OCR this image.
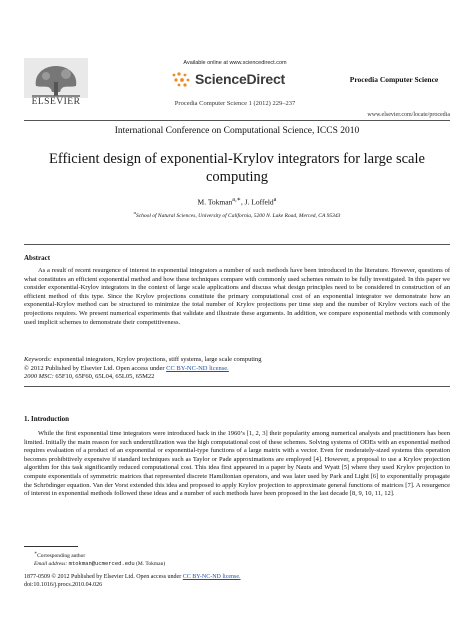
ELSEVIER
Available online at www.sciencedirect.com
ScienceDirect
Procedia Computer Science 1 (2012) 229–237
Procedia Computer Science
www.elsevier.com/locate/procedia
International Conference on Computational Science, ICCS 2010
Efficient design of exponential-Krylov integrators for large scale computing
M. Tokman$^{a,∗}$, J. Loffeld$^a$
$^a$School of Natural Sciences, University of California, 5200 N. Lake Road, Merced, CA 95343
Abstract

As a result of recent resurgence of interest in exponential integrators a number of such methods have been introduced in the literature. However, questions of what constitutes an efficient exponential method and how these techniques compare with commonly used schemes remain to be fully investigated. In this paper we consider exponential-Krylov integrators in the context of large scale applications and discuss what design principles need to be considered in construction of an efficient method of this type. Since the Krylov projections constitute the primary computational cost of an exponential integrator we demonstrate how an exponential-Krylov method can be structured to minimize the total number of Krylov projections per time step and the number of Krylov vectors each of the projections requires. We present numerical experiments that validate and illustrate these arguments. In addition, we compare exponential methods with commonly used implicit schemes to demonstrate their competitiveness.

Keywords: exponential integrators, Krylov projections, stiff systems, large scale computing
© 2012 Published by Elsevier Ltd. Open access under CC BY-NC-ND license.
2000 MSC: 65F10, 65F60, 65L04, 65L05, 65M22
1. Introduction

While the first exponential time integrators were introduced back in the 1960’s [1, 2, 3] their popularity among numerical analysts and practitioners has been limited. Initially the main reason for such underutilization was the high computational cost of these schemes. Solving systems of ODEs with an exponential method requires evaluation of a product of an exponential or exponential-type functions of a large matrix with a vector. Even for moderately-sized systems this operation becomes prohibitively expensive if standard techniques such as Taylor or Pade approximations are employed [4]. However, a proposal to use a Krylov projection algorithm for this task significantly reduced computational cost. This idea first appeared in a paper by Nauts and Wyatt [5] where they used Krylov projection to compute exponentials of symmetric matrices that represented discrete Hamiltonian operators, and was later used by Park and Light [6] to exponentially propagate the Schrödinger equation. Van der Vorst extended this idea and proposed to apply Krylov projection to approximate general functions of matrices [7]. A resurgence of interest in exponential methods followed these ideas and a number of such methods have been proposed in the last decade [8, 9, 10, 11, 12].

∗Corresponding author
Email address: mtokman@ucmerced.edu (M. Tokman)
1877-0509 © 2012 Published by Elsevier Ltd. Open access under CC BY-NC-ND license.
doi:10.1016/j.procs.2010.04.026
